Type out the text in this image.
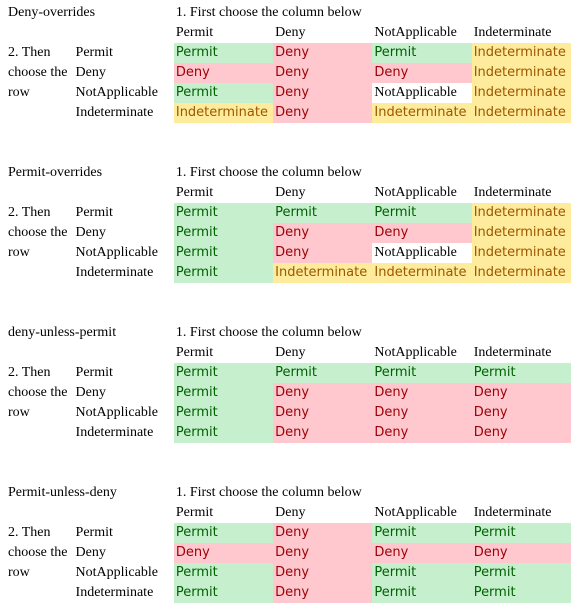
Deny-overrides		1. First choose the column below			
		Permit	Deny	NotApplicable	Indeterminate
2. Then	Permit	Permit	Deny	Permit	Indeterminate
choose the	Deny	Deny	Deny	Deny	Indeterminate
row	NotApplicable	Permit	Deny	NotApplicable	Indeterminate
	Indeterminate	Indeterminate	Deny	Indeterminate	Indeterminate
Permit-overrides		1. First choose the column below			
		Permit	Deny	NotApplicable	Indeterminate
2. Then	Permit	Permit	Permit	Permit	Indeterminate
choose the	Deny	Permit	Deny	Deny	Indeterminate
row	NotApplicable	Permit	Deny	NotApplicable	Indeterminate
	Indeterminate	Permit	Indeterminate	Indeterminate	Indeterminate
deny-unless-permit		1. First choose the column below			
		Permit	Deny	NotApplicable	Indeterminate
2. Then	Permit	Permit	Permit	Permit	Permit
choose the	Deny	Permit	Deny	Deny	Deny
row	NotApplicable	Permit	Deny	Deny	Deny
	Indeterminate	Permit	Deny	Deny	Deny
Permit-unless-deny		1. First choose the column below			
		Permit	Deny	NotApplicable	Indeterminate
2. Then	Permit	Permit	Deny	Permit	Permit
choose the	Deny	Deny	Deny	Deny	Deny
row	NotApplicable	Permit	Deny	Permit	Permit
	Indeterminate	Permit	Deny	Permit	Permit
